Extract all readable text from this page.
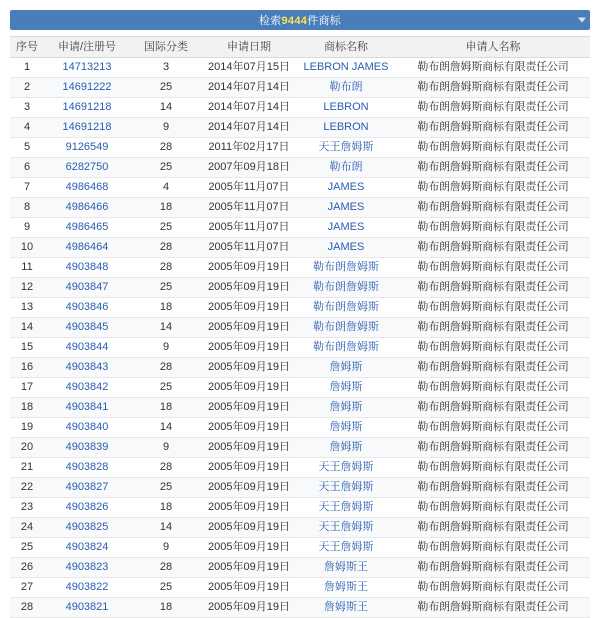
检索9444件商标
序号	申请/注册号	国际分类	申请日期	商标名称	申请人名称
1	14713213	3	2014年07月15日	LEBRON JAMES	勒布朗詹姆斯商标有限责任公司
2	14691222	25	2014年07月14日	勒布朗	勒布朗詹姆斯商标有限责任公司
3	14691218	14	2014年07月14日	LEBRON	勒布朗詹姆斯商标有限责任公司
4	14691218	9	2014年07月14日	LEBRON	勒布朗詹姆斯商标有限责任公司
5	9126549	28	2011年02月17日	天王詹姆斯	勒布朗詹姆斯商标有限责任公司
6	6282750	25	2007年09月18日	勒布朗	勒布朗詹姆斯商标有限责任公司
7	4986468	4	2005年11月07日	JAMES	勒布朗詹姆斯商标有限责任公司
8	4986466	18	2005年11月07日	JAMES	勒布朗詹姆斯商标有限责任公司
9	4986465	25	2005年11月07日	JAMES	勒布朗詹姆斯商标有限责任公司
10	4986464	28	2005年11月07日	JAMES	勒布朗詹姆斯商标有限责任公司
11	4903848	28	2005年09月19日	勒布朗詹姆斯	勒布朗詹姆斯商标有限责任公司
12	4903847	25	2005年09月19日	勒布朗詹姆斯	勒布朗詹姆斯商标有限责任公司
13	4903846	18	2005年09月19日	勒布朗詹姆斯	勒布朗詹姆斯商标有限责任公司
14	4903845	14	2005年09月19日	勒布朗詹姆斯	勒布朗詹姆斯商标有限责任公司
15	4903844	9	2005年09月19日	勒布朗詹姆斯	勒布朗詹姆斯商标有限责任公司
16	4903843	28	2005年09月19日	詹姆斯	勒布朗詹姆斯商标有限责任公司
17	4903842	25	2005年09月19日	詹姆斯	勒布朗詹姆斯商标有限责任公司
18	4903841	18	2005年09月19日	詹姆斯	勒布朗詹姆斯商标有限责任公司
19	4903840	14	2005年09月19日	詹姆斯	勒布朗詹姆斯商标有限责任公司
20	4903839	9	2005年09月19日	詹姆斯	勒布朗詹姆斯商标有限责任公司
21	4903828	28	2005年09月19日	天王詹姆斯	勒布朗詹姆斯商标有限责任公司
22	4903827	25	2005年09月19日	天王詹姆斯	勒布朗詹姆斯商标有限责任公司
23	4903826	18	2005年09月19日	天王詹姆斯	勒布朗詹姆斯商标有限责任公司
24	4903825	14	2005年09月19日	天王詹姆斯	勒布朗詹姆斯商标有限责任公司
25	4903824	9	2005年09月19日	天王詹姆斯	勒布朗詹姆斯商标有限责任公司
26	4903823	28	2005年09月19日	詹姆斯王	勒布朗詹姆斯商标有限责任公司
27	4903822	25	2005年09月19日	詹姆斯王	勒布朗詹姆斯商标有限责任公司
28	4903821	18	2005年09月19日	詹姆斯王	勒布朗詹姆斯商标有限责任公司
